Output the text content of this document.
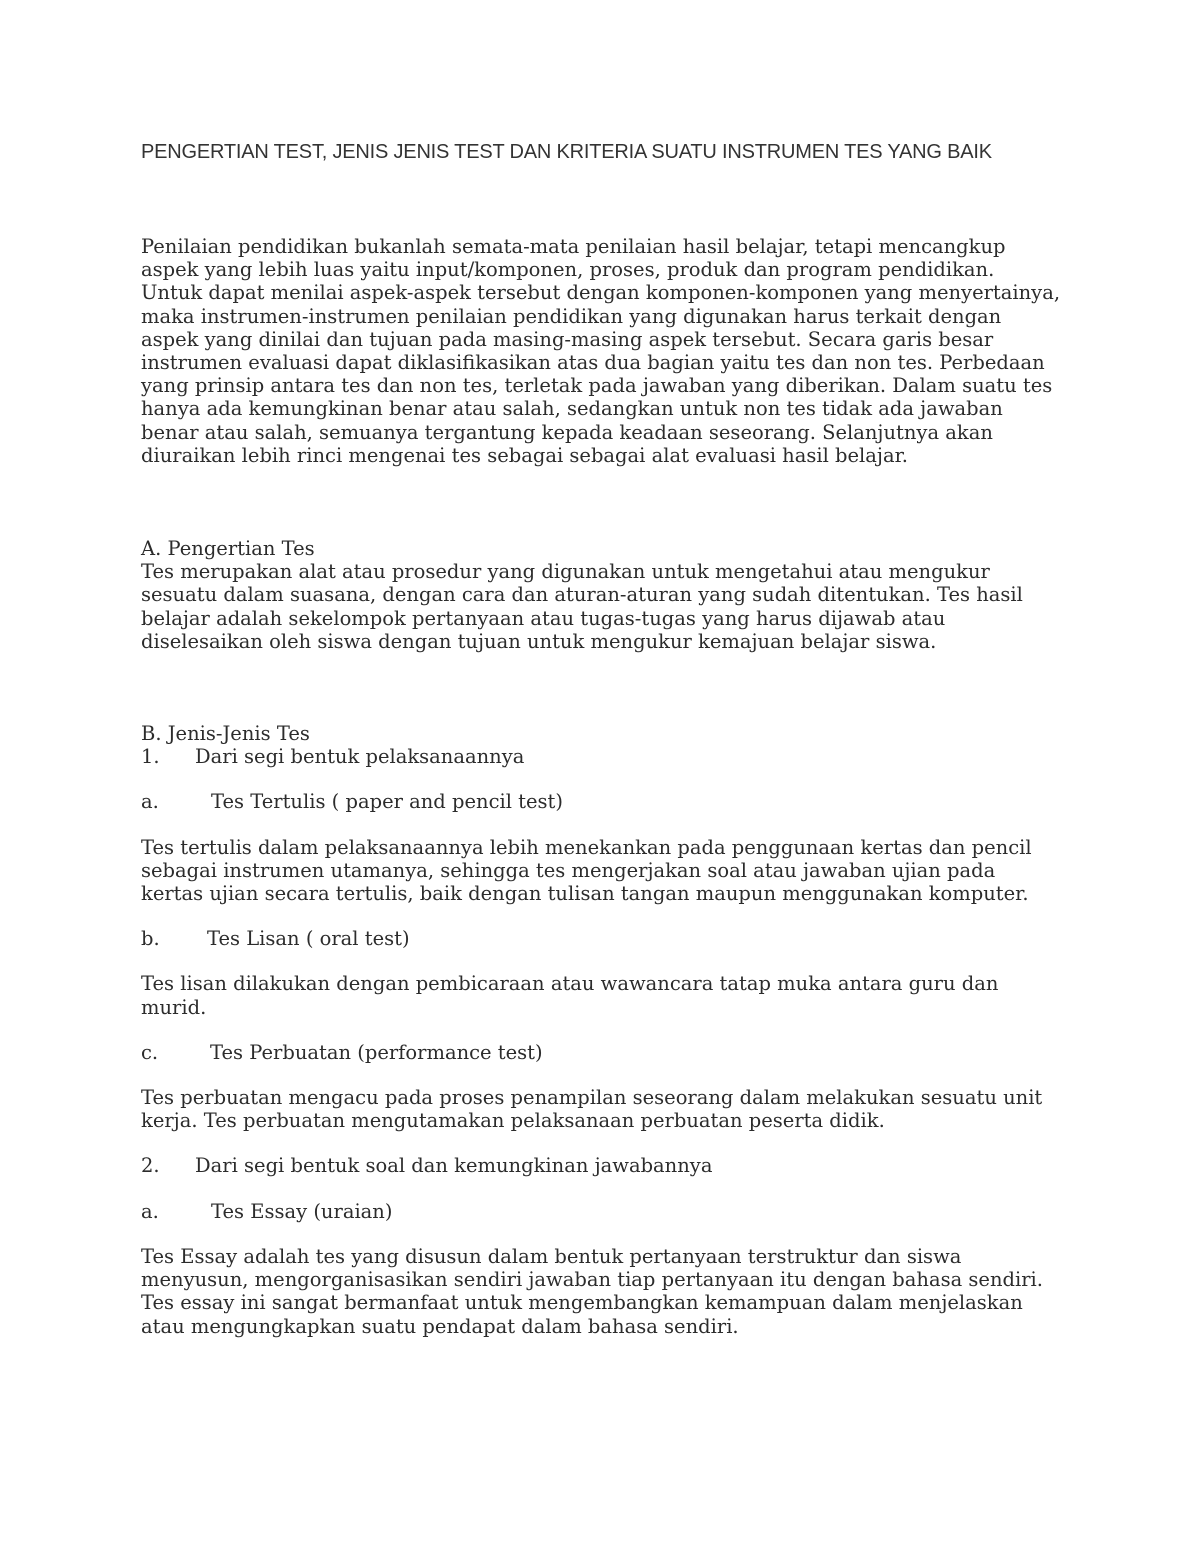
PENGERTIAN TEST, JENIS JENIS TEST DAN KRITERIA SUATU INSTRUMEN TES YANG BAIK

Penilaian pendidikan bukanlah semata-mata penilaian hasil belajar, tetapi mencangkup aspek yang lebih luas yaitu input/komponen, proses, produk dan program pendidikan. Untuk dapat menilai aspek-aspek tersebut dengan komponen-komponen yang menyertainya, maka instrumen-instrumen penilaian pendidikan yang digunakan harus terkait dengan aspek yang dinilai dan tujuan pada masing-masing aspek tersebut. Secara garis besar instrumen evaluasi dapat diklasifikasikan atas dua bagian yaitu tes dan non tes. Perbedaan yang prinsip antara tes dan non tes, terletak pada jawaban yang diberikan. Dalam suatu tes hanya ada kemungkinan benar atau salah, sedangkan untuk non tes tidak ada jawaban benar atau salah, semuanya tergantung kepada keadaan seseorang. Selanjutnya akan diuraikan lebih rinci mengenai tes sebagai sebagai alat evaluasi hasil belajar.

A. Pengertian Tes

Tes merupakan alat atau prosedur yang digunakan untuk mengetahui atau mengukur sesuatu dalam suasana, dengan cara dan aturan-aturan yang sudah ditentukan. Tes hasil belajar adalah sekelompok pertanyaan atau tugas-tugas yang harus dijawab atau diselesaikan oleh siswa dengan tujuan untuk mengukur kemajuan belajar siswa.

B. Jenis-Jenis Tes

1.	Dari segi bentuk pelaksanaannya
a.	Tes Tertulis ( paper and pencil test)

Tes tertulis dalam pelaksanaannya lebih menekankan pada penggunaan kertas dan pencil sebagai instrumen utamanya, sehingga tes mengerjakan soal atau jawaban ujian pada kertas ujian secara tertulis, baik dengan tulisan tangan maupun menggunakan komputer.

b.	Tes Lisan ( oral test)

Tes lisan dilakukan dengan pembicaraan atau wawancara tatap muka antara guru dan murid.

c.	Tes Perbuatan (performance test)

Tes perbuatan mengacu pada proses penampilan seseorang dalam melakukan sesuatu unit kerja. Tes perbuatan mengutamakan pelaksanaan perbuatan peserta didik.

2.	Dari segi bentuk soal dan kemungkinan jawabannya
a.	Tes Essay (uraian)

Tes Essay adalah tes yang disusun dalam bentuk pertanyaan terstruktur dan siswa menyusun, mengorganisasikan sendiri jawaban tiap pertanyaan itu dengan bahasa sendiri. Tes essay ini sangat bermanfaat untuk mengembangkan kemampuan dalam menjelaskan atau mengungkapkan suatu pendapat dalam bahasa sendiri.
